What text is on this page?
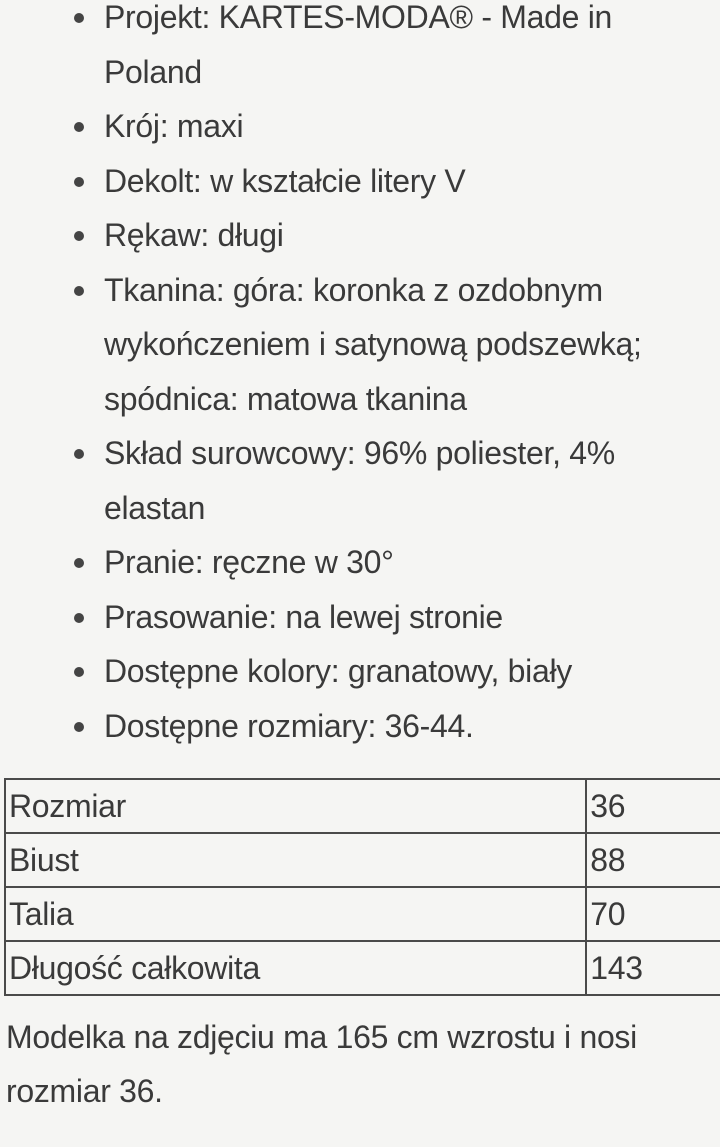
Projekt: KARTES-MODA® - Made in Poland
Krój: maxi
Dekolt: w kształcie litery V
Rękaw: długi
Tkanina: góra: koronka z ozdobnym wykończeniem i satynową podszewką; spódnica: matowa tkanina
Skład surowcowy: 96% poliester, 4% elastan
Pranie: ręczne w 30°
Prasowanie: na lewej stronie
Dostępne kolory: granatowy, biały
Dostępne rozmiary: 36-44.
Rozmiar	36
Biust	88
Talia	70
Długość całkowita	143
Modelka na zdjęciu ma 165 cm wzrostu i nosi rozmiar 36.
